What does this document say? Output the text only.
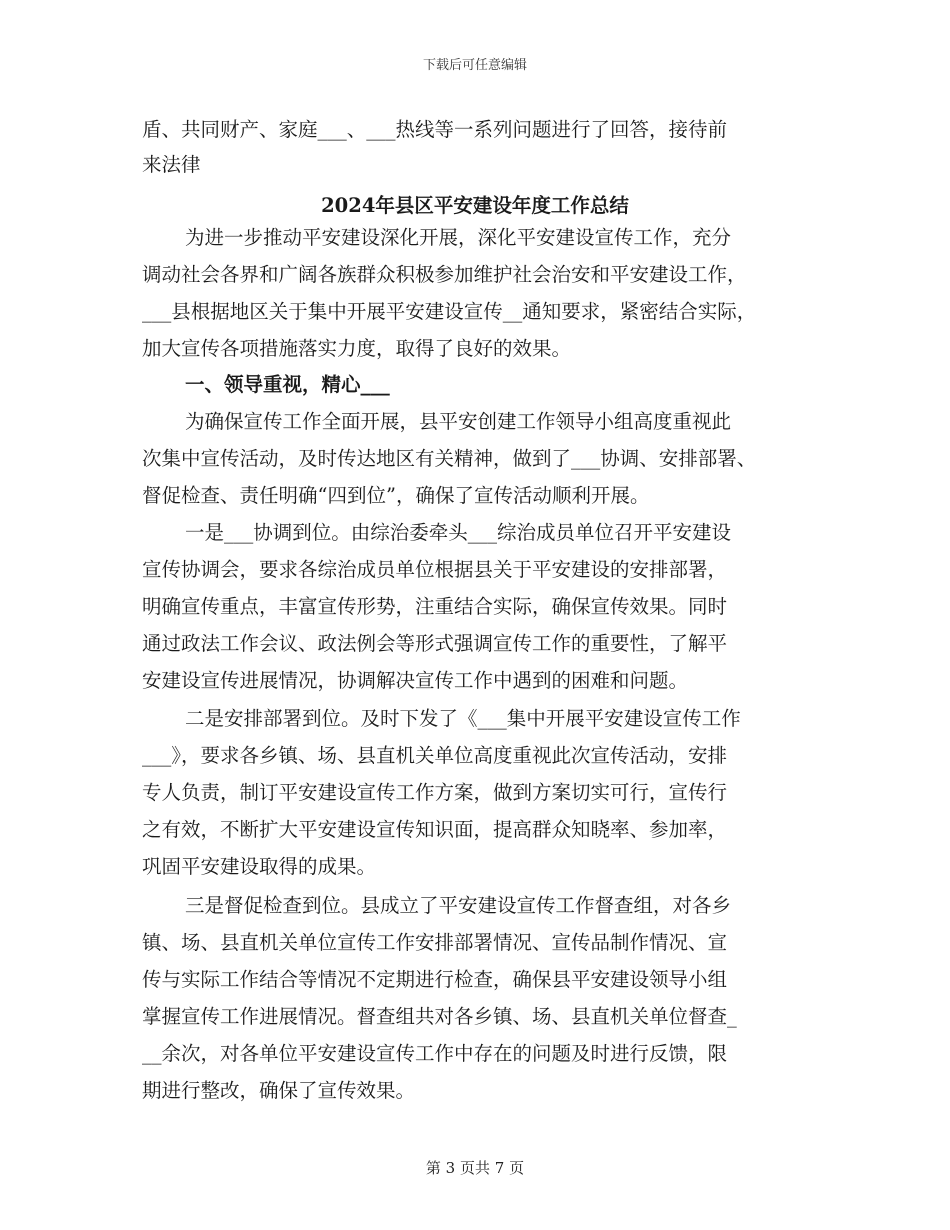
下载后可任意编辑
盾、共同财产、家庭___、___热线等一系列问题进行了回答，接待前
来法律
2024年县区平安建设年度工作总结
为进一步推动平安建设深化开展，深化平安建设宣传工作，充分
调动社会各界和广阔各族群众积极参加维护社会治安和平安建设工作，
___县根据地区关于集中开展平安建设宣传__通知要求，紧密结合实际，
加大宣传各项措施落实力度，取得了良好的效果。
一、领导重视，精心___
为确保宣传工作全面开展，县平安创建工作领导小组高度重视此
次集中宣传活动，及时传达地区有关精神，做到了___协调、安排部署、
督促检查、责任明确“四到位”，确保了宣传活动顺利开展。
一是___协调到位。由综治委牵头___综治成员单位召开平安建设
宣传协调会，要求各综治成员单位根据县关于平安建设的安排部署，
明确宣传重点，丰富宣传形势，注重结合实际，确保宣传效果。同时
通过政法工作会议、政法例会等形式强调宣传工作的重要性，了解平
安建设宣传进展情况，协调解决宣传工作中遇到的困难和问题。
二是安排部署到位。及时下发了《___集中开展平安建设宣传工作
___》，要求各乡镇、场、县直机关单位高度重视此次宣传活动，安排
专人负责，制订平安建设宣传工作方案，做到方案切实可行，宣传行
之有效，不断扩大平安建设宣传知识面，提高群众知晓率、参加率，
巩固平安建设取得的成果。
三是督促检查到位。县成立了平安建设宣传工作督查组，对各乡
镇、场、县直机关单位宣传工作安排部署情况、宣传品制作情况、宣
传与实际工作结合等情况不定期进行检查，确保县平安建设领导小组
掌握宣传工作进展情况。督查组共对各乡镇、场、县直机关单位督查_
__余次，对各单位平安建设宣传工作中存在的问题及时进行反馈，限
期进行整改，确保了宣传效果。
第 3 页共 7 页
